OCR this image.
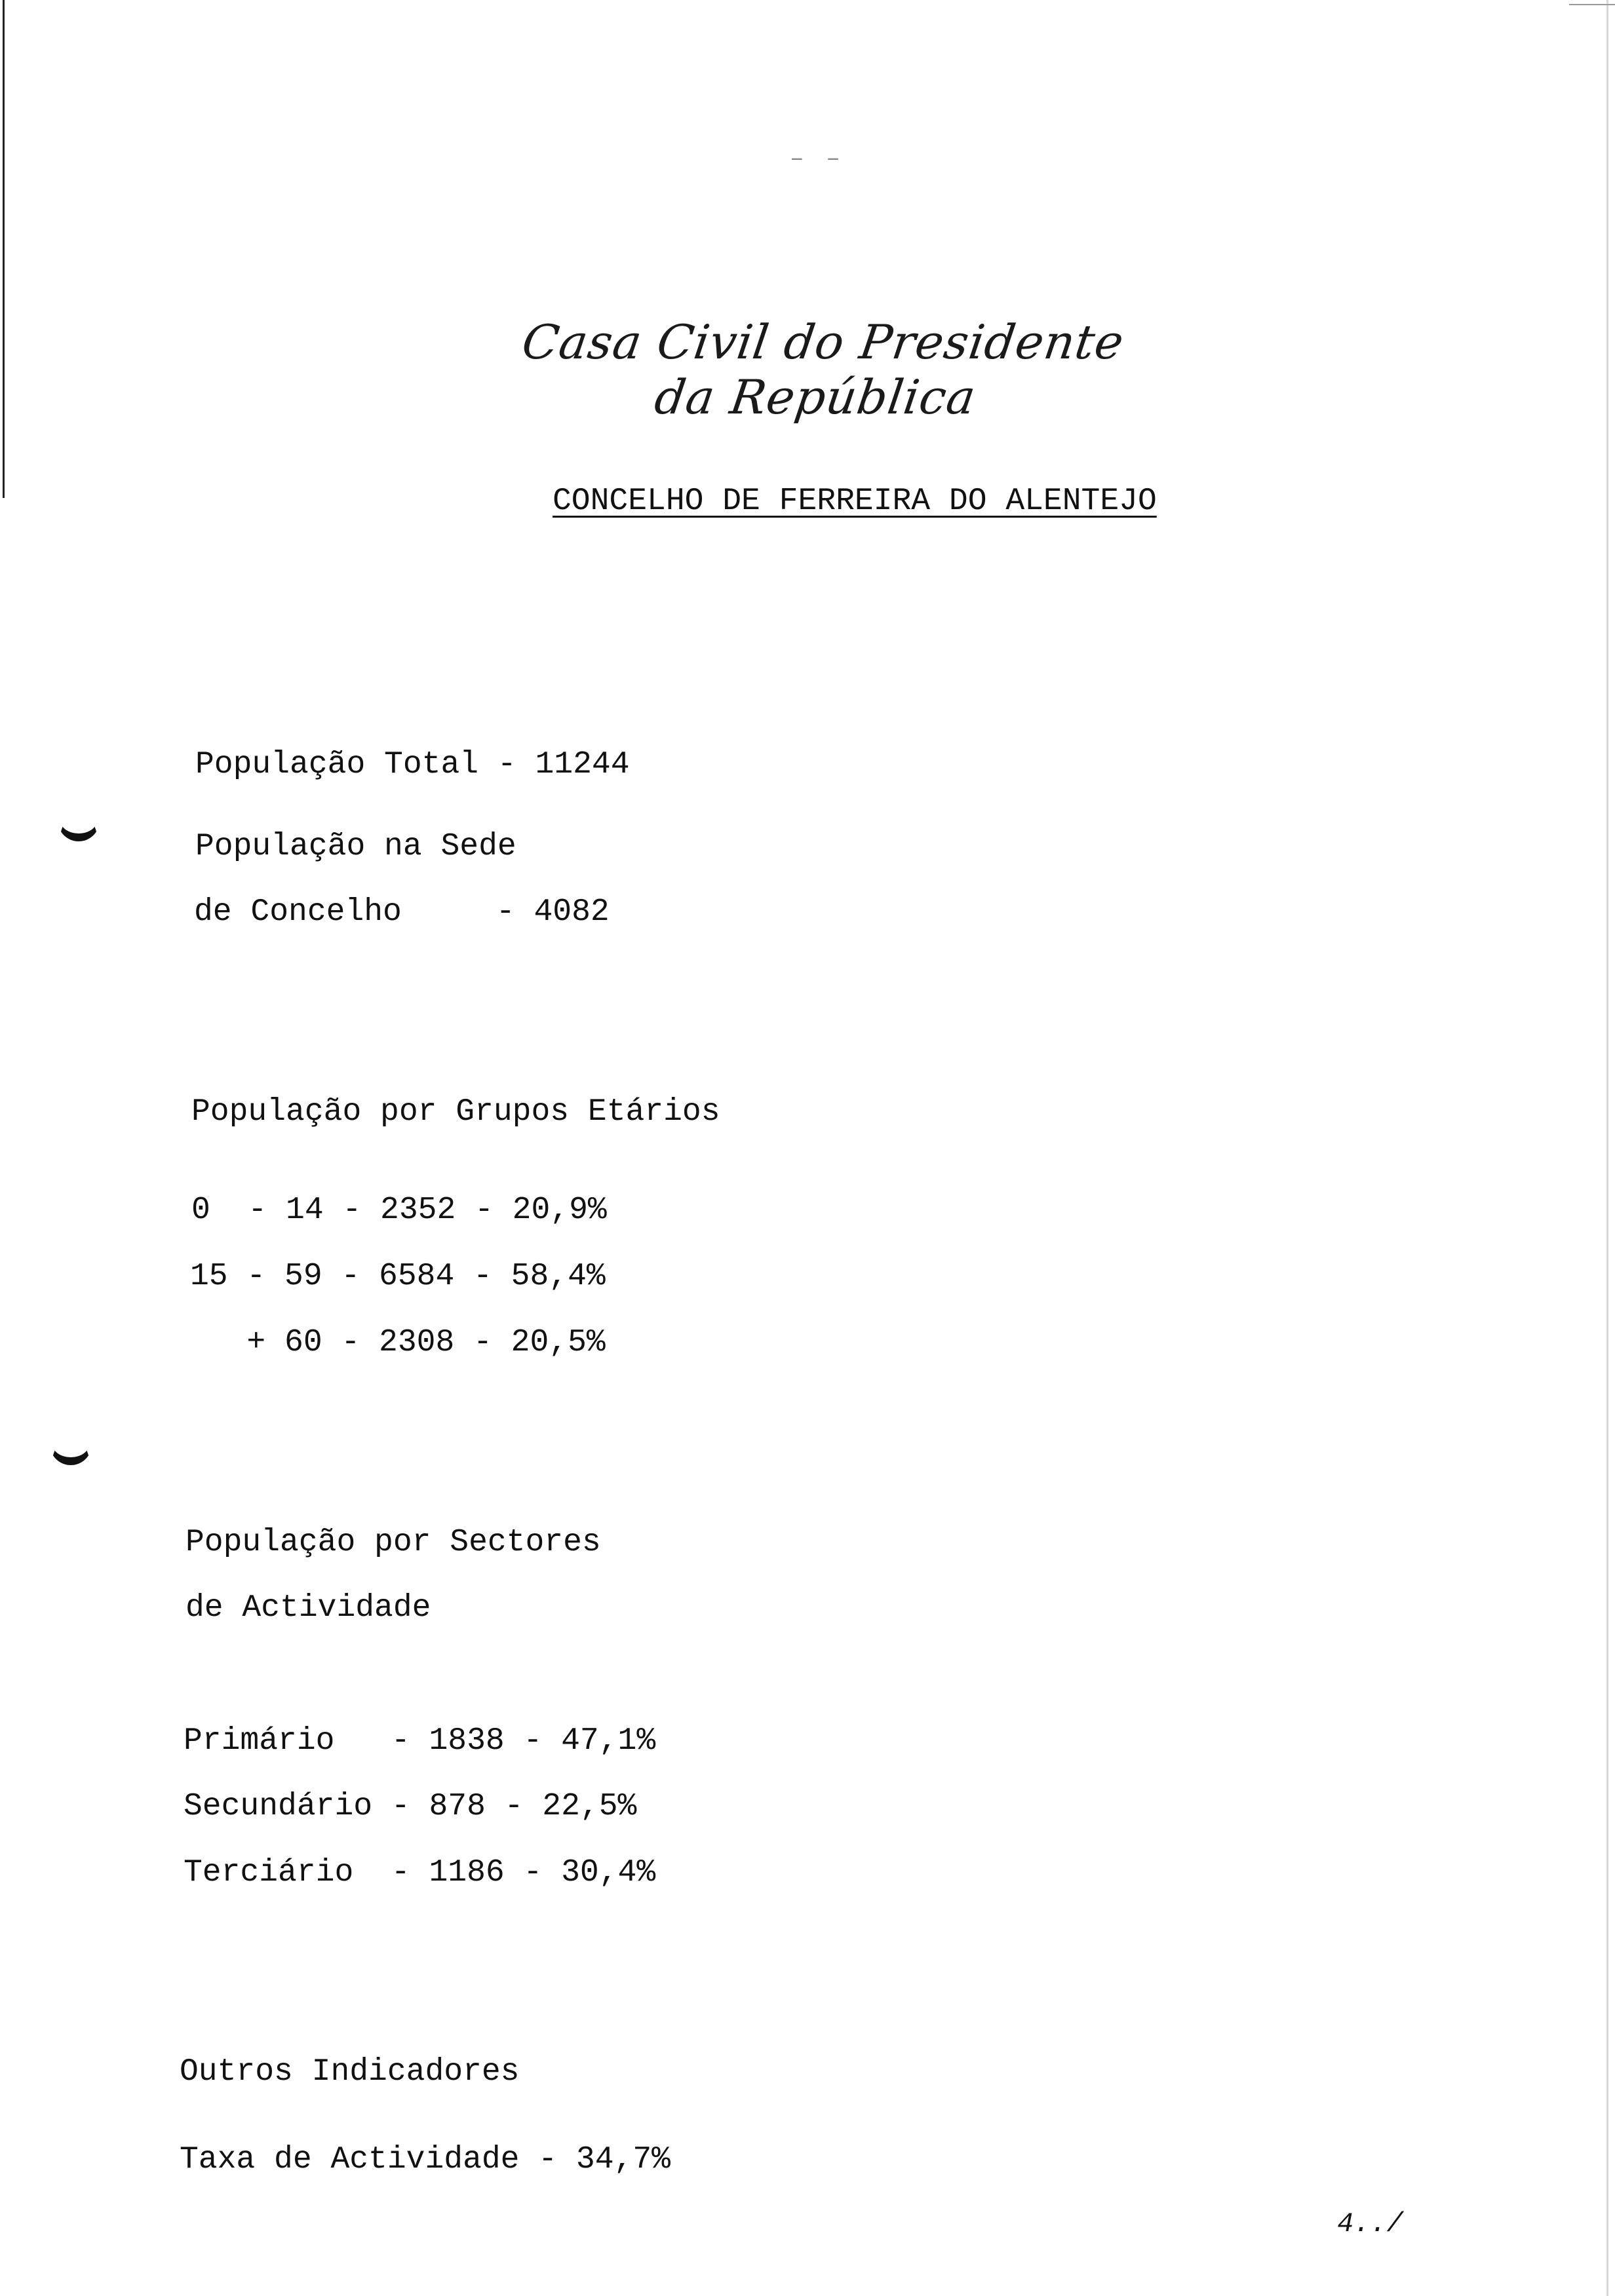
– –
Casa Civil do Presidente da República
CONCELHO DE FERREIRA DO ALENTEJO
População Total - 11244
População na Sede
de Concelho     - 4082
População por Grupos Etários
0  - 14 - 2352 - 20,9%
15 - 59 - 6584 - 58,4%
+ 60 - 2308 - 20,5%
População por Sectores
de Actividade
Primário   - 1838 - 47,1%
Secundário - 878 - 22,5%
Terciário  - 1186 - 30,4%
Outros Indicadores
Taxa de Actividade - 34,7%
4../
